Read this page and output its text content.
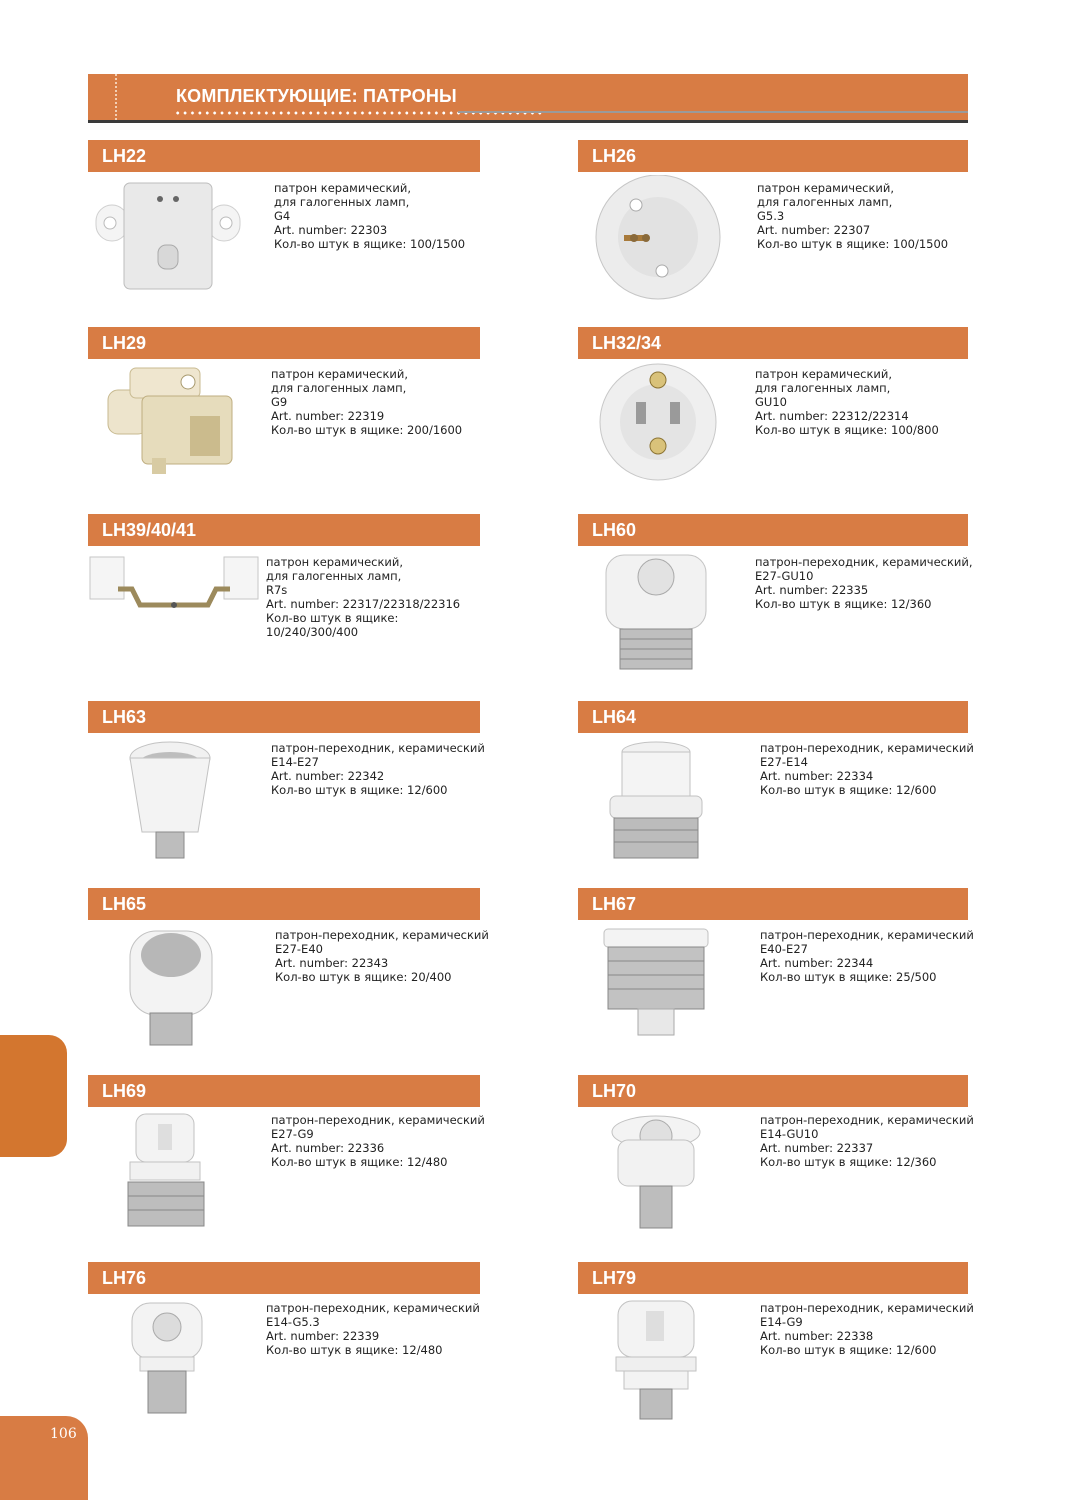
КОМПЛЕКТУЮЩИЕ: ПАТРОНЫ
LH22
патрон керамический,
для галогенных ламп,
G4
Art. number: 22303
Кол-во штук в ящике: 100/1500
LH26
патрон керамический,
для галогенных ламп,
G5.3
Art. number: 22307
Кол-во штук в ящике: 100/1500
LH29
патрон керамический,
для галогенных ламп,
G9
Art. number: 22319
Кол-во штук в ящике: 200/1600
LH32/34
патрон керамический,
для галогенных ламп,
GU10
Art. number: 22312/22314
Кол-во штук в ящике: 100/800
LH39/40/41
патрон керамический,
для галогенных ламп,
R7s
Art. number: 22317/22318/22316
Кол-во штук в ящике:
10/240/300/400
LH60
патрон-переходник, керамический,
E27-GU10
Art. number: 22335
Кол-во штук в ящике: 12/360
LH63
патрон-переходник, керамический
E14-E27
Art. number: 22342
Кол-во штук в ящике: 12/600
LH64
патрон-переходник, керамический
E27-E14
Art. number: 22334
Кол-во штук в ящике: 12/600
LH65
патрон-переходник, керамический
E27-E40
Art. number: 22343
Кол-во штук в ящике: 20/400
LH67
патрон-переходник, керамический
E40-E27
Art. number: 22344
Кол-во штук в ящике: 25/500
LH69
патрон-переходник, керамический
E27-G9
Art. number: 22336
Кол-во штук в ящике: 12/480
LH70
патрон-переходник, керамический
E14-GU10
Art. number: 22337
Кол-во штук в ящике: 12/360
LH76
патрон-переходник, керамический
E14-G5.3
Art. number: 22339
Кол-во штук в ящике: 12/480
LH79
патрон-переходник, керамический
E14-G9
Art. number: 22338
Кол-во штук в ящике: 12/600
106
